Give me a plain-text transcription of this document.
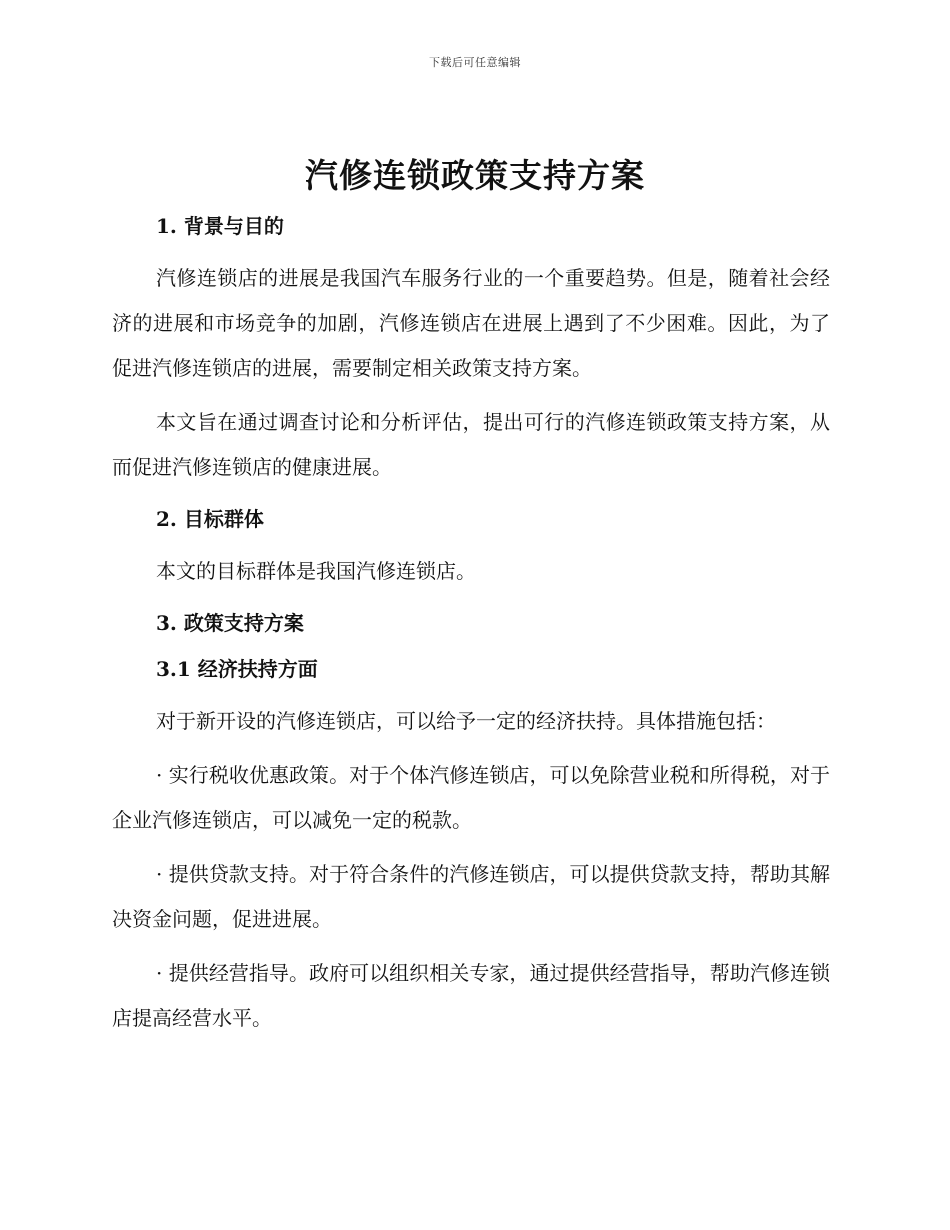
下载后可任意编辑
汽修连锁政策支持方案
1. 背景与目的

汽修连锁店的进展是我国汽车服务行业的一个重要趋势。但是，随着社会经济的进展和市场竞争的加剧，汽修连锁店在进展上遇到了不少困难。因此，为了促进汽修连锁店的进展，需要制定相关政策支持方案。

本文旨在通过调查讨论和分析评估，提出可行的汽修连锁政策支持方案，从而促进汽修连锁店的健康进展。

2. 目标群体

本文的目标群体是我国汽修连锁店。

3. 政策支持方案
3.1 经济扶持方面

对于新开设的汽修连锁店，可以给予一定的经济扶持。具体措施包括：

· 实行税收优惠政策。对于个体汽修连锁店，可以免除营业税和所得税，对于企业汽修连锁店，可以减免一定的税款。

· 提供贷款支持。对于符合条件的汽修连锁店，可以提供贷款支持，帮助其解决资金问题，促进进展。

· 提供经营指导。政府可以组织相关专家，通过提供经营指导，帮助汽修连锁店提高经营水平。
